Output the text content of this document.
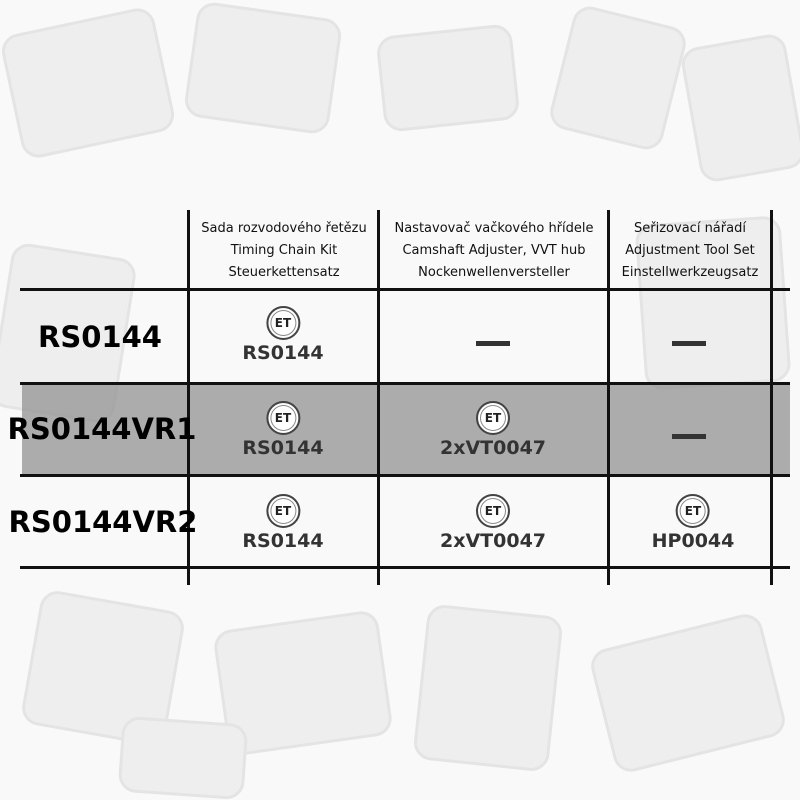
Sada rozvodového řetězu
Timing Chain Kit
Steuerkettensatz
Nastavovač vačkového hřídele
Camshaft Adjuster, VVT hub
Nockenwellenversteller
Seřizovací nářadí
Adjustment Tool Set
Einstellwerkzeugsatz
RS0144
RS0144VR1
RS0144VR2
ET
RS0144
ET
RS0144
ET
2xVT0047
ET
RS0144
ET
2xVT0047
ET
HP0044
